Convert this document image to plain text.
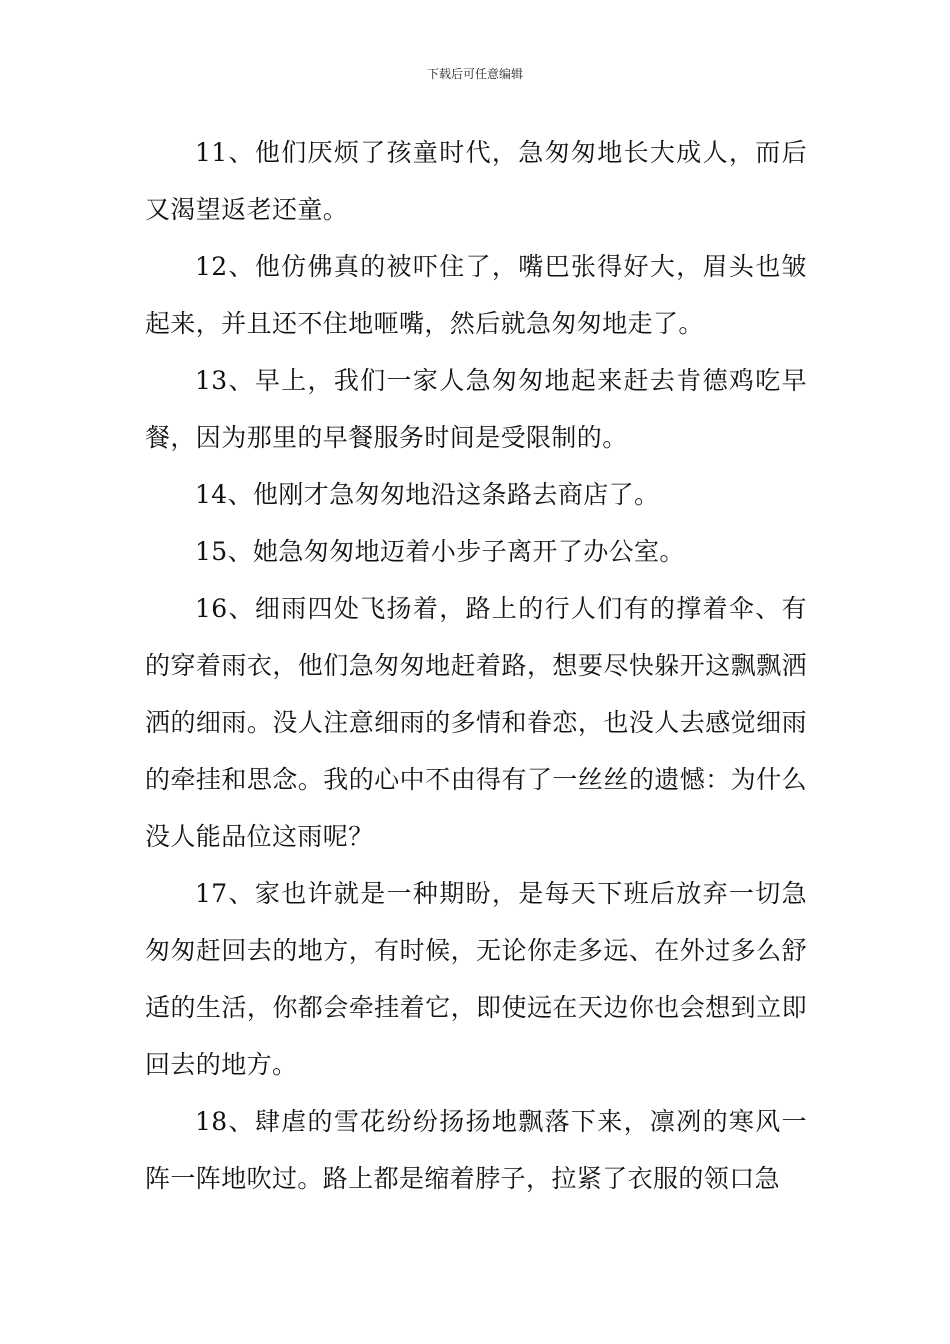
下载后可任意编辑

11、他们厌烦了孩童时代，急匆匆地长大成人，而后又渴望返老还童。

12、他仿佛真的被吓住了，嘴巴张得好大，眉头也皱起来，并且还不住地咂嘴，然后就急匆匆地走了。

13、早上，我们一家人急匆匆地起来赶去肯德鸡吃早餐，因为那里的早餐服务时间是受限制的。

14、他刚才急匆匆地沿这条路去商店了。

15、她急匆匆地迈着小步子离开了办公室。

16、细雨四处飞扬着，路上的行人们有的撑着伞、有的穿着雨衣，他们急匆匆地赶着路，想要尽快躲开这飘飘洒洒的细雨。没人注意细雨的多情和眷恋，也没人去感觉细雨的牵挂和思念。我的心中不由得有了一丝丝的遗憾：为什么没人能品位这雨呢？

17、家也许就是一种期盼，是每天下班后放弃一切急匆匆赶回去的地方，有时候，无论你走多远、在外过多么舒适的生活，你都会牵挂着它，即使远在天边你也会想到立即回去的地方。

18、肆虐的雪花纷纷扬扬地飘落下来，凛冽的寒风一阵一阵地吹过。路上都是缩着脖子，拉紧了衣服的领口急
